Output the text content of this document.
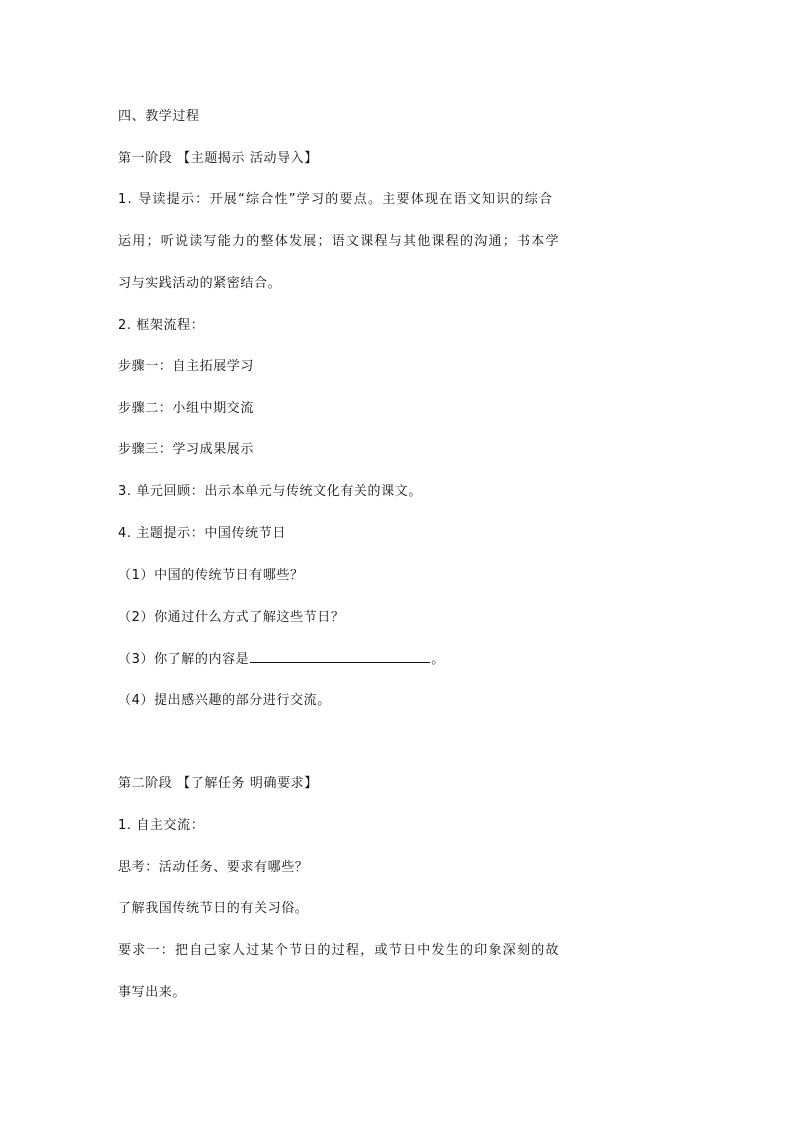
四、教学过程
第一阶段 【主题揭示 活动导入】
1. 导读提示：开展“综合性”学习的要点。主要体现在语文知识的综合
运用；听说读写能力的整体发展；语文课程与其他课程的沟通；书本学
习与实践活动的紧密结合。
2. 框架流程：
步骤一：自主拓展学习
步骤二：小组中期交流
步骤三：学习成果展示
3. 单元回顾：出示本单元与传统文化有关的课文。
4. 主题提示：中国传统节日
（1）中国的传统节日有哪些？
（2）你通过什么方式了解这些节日？
（3）你了解的内容是	。
（4）提出感兴趣的部分进行交流。
第二阶段 【了解任务 明确要求】
1. 自主交流：
思考：活动任务、要求有哪些？
了解我国传统节日的有关习俗。
要求一：把自己家人过某个节日的过程，或节日中发生的印象深刻的故
事写出来。
